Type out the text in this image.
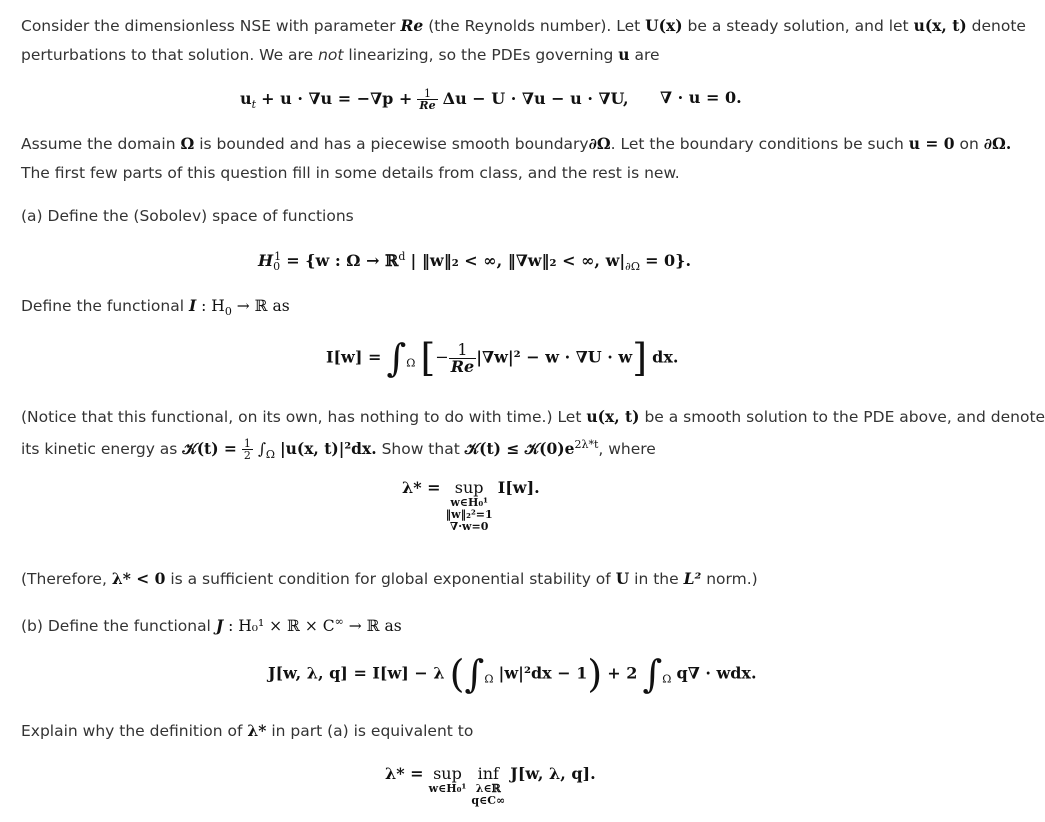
Consider the dimensionless NSE with parameter Re (the Reynolds number). Let U(x) be a steady solution, and let u(x, t) denote
perturbations to that solution. We are not linearizing, so the PDEs governing u are
$u_t + u \cdot \nabla u = -\nabla p + \frac{1}{Re}$ Δu − U · ∇u − u · ∇U, ∇ · u = 0.
Assume the domain Ω is bounded and has a piecewise smooth boundary∂Ω. Let the boundary conditions be such u = 0 on ∂Ω.
The first few parts of this question fill in some details from class, and the rest is new.
(a) Define the (Sobolev) space of functions
$H_0^1 = \{w$ : Ω → ℝ$^d$ | ‖w‖₂ < ∞, ‖∇w‖₂ < ∞, $w|_{\partial\Omega} = 0$}.
Define the functional I : $H_0$ → ℝ as
$I[w] = \int_\Omega$ [− $\frac{1}{Re} |\nabla w|^2 - w \cdot \nabla U \cdot w$] dx.
(Notice that this functional, on its own, has nothing to do with time.) Let u(x, t) be a smooth solution to the PDE above, and denote
its kinetic energy as 𝒦(t) = $\frac{1}{2} \int_\Omega$ |u(x, t)|²dx. Show that 𝒦(t) ≤ $𝒦(0)e^{2\lambda*t}$, where
λ* = sup
w∈H₀¹
‖w‖₂²=1
∇·w=0
I[w].
(Therefore, λ* < 0 is a sufficient condition for global exponential stability of U in the L² norm.)
(b) Define the functional J : H₀¹ × ℝ × C∞ → ℝ as
J[w, λ, q] = I[w] − λ ($\int_\Omega$ |w|²dx − 1) + 2 $\int_\Omega$ q∇ · wdx.
Explain why the definition of λ* in part (a) is equivalent to
λ* = sup
w∈H₀¹

inf
λ∈ℝ
q∈C∞
J[w, λ, q].
